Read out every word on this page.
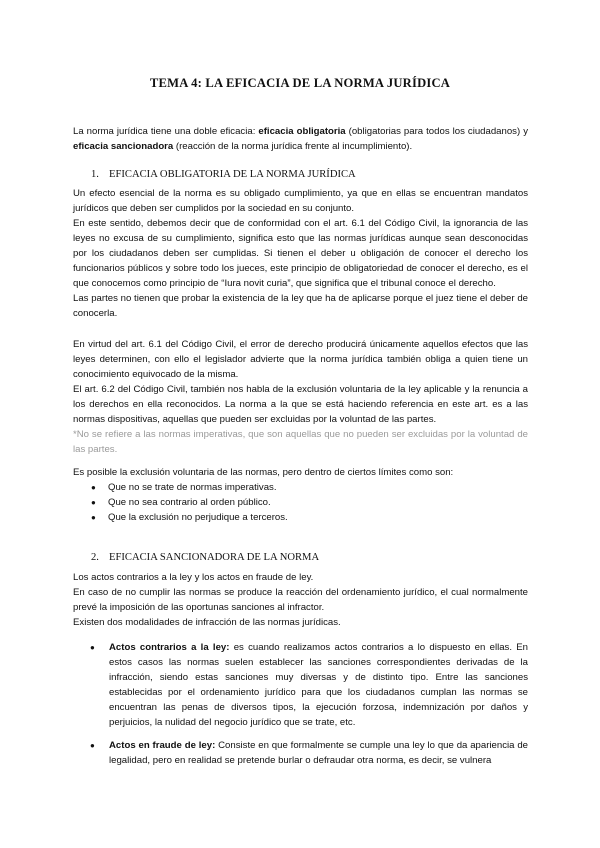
TEMA 4: LA EFICACIA DE LA NORMA JURÍDICA

La norma jurídica tiene una doble eficacia: eficacia obligatoria (obligatorias para todos los ciudadanos) y eficacia sancionadora (reacción de la norma jurídica frente al incumplimiento).

1. EFICACIA OBLIGATORIA DE LA NORMA JURÍDICA

Un efecto esencial de la norma es su obligado cumplimiento, ya que en ellas se encuentran mandatos jurídicos que deben ser cumplidos por la sociedad en su conjunto.

En este sentido, debemos decir que de conformidad con el art. 6.1 del Código Civil, la ignorancia de las leyes no excusa de su cumplimiento, significa esto que las normas jurídicas aunque sean desconocidas por los ciudadanos deben ser cumplidas. Si tienen el deber u obligación de conocer el derecho los funcionarios públicos y sobre todo los jueces, este principio de obligatoriedad de conocer el derecho, es el que conocemos como principio de “Iura novit curia”, que significa que el tribunal conoce el derecho.

Las partes no tienen que probar la existencia de la ley que ha de aplicarse porque el juez tiene el deber de conocerla.

En virtud del art. 6.1 del Código Civil, el error de derecho producirá únicamente aquellos efectos que las leyes determinen, con ello el legislador advierte que la norma jurídica también obliga a quien tiene un conocimiento equivocado de la misma.

El art. 6.2 del Código Civil, también nos habla de la exclusión voluntaria de la ley aplicable y la renuncia a los derechos en ella reconocidos. La norma a la que se está haciendo referencia en este art. es a las normas dispositivas, aquellas que pueden ser excluidas por la voluntad de las partes.

*No se refiere a las normas imperativas, que son aquellas que no pueden ser excluidas por la voluntad de las partes.

Es posible la exclusión voluntaria de las normas, pero dentro de ciertos límites como son:

● Que no se trate de normas imperativas.
● Que no sea contrario al orden público.
● Que la exclusión no perjudique a terceros.
2. EFICACIA SANCIONADORA DE LA NORMA

Los actos contrarios a la ley y los actos en fraude de ley.

En caso de no cumplir las normas se produce la reacción del ordenamiento jurídico, el cual normalmente prevé la imposición de las oportunas sanciones al infractor.

Existen dos modalidades de infracción de las normas jurídicas.

●	Actos contrarios a la ley: es cuando realizamos actos contrarios a lo dispuesto en ellas. En estos casos las normas suelen establecer las sanciones correspondientes derivadas de la infracción, siendo estas sanciones muy diversas y de distinto tipo. Entre las sanciones establecidas por el ordenamiento jurídico para que los ciudadanos cumplan las normas se encuentran las penas de diversos tipos, la ejecución forzosa, indemnización por daños y perjuicios, la nulidad del negocio jurídico que se trate, etc.

●	Actos en fraude de ley: Consiste en que formalmente se cumple una ley lo que da apariencia de legalidad, pero en realidad se pretende burlar o defraudar otra norma, es decir, se vulnera
